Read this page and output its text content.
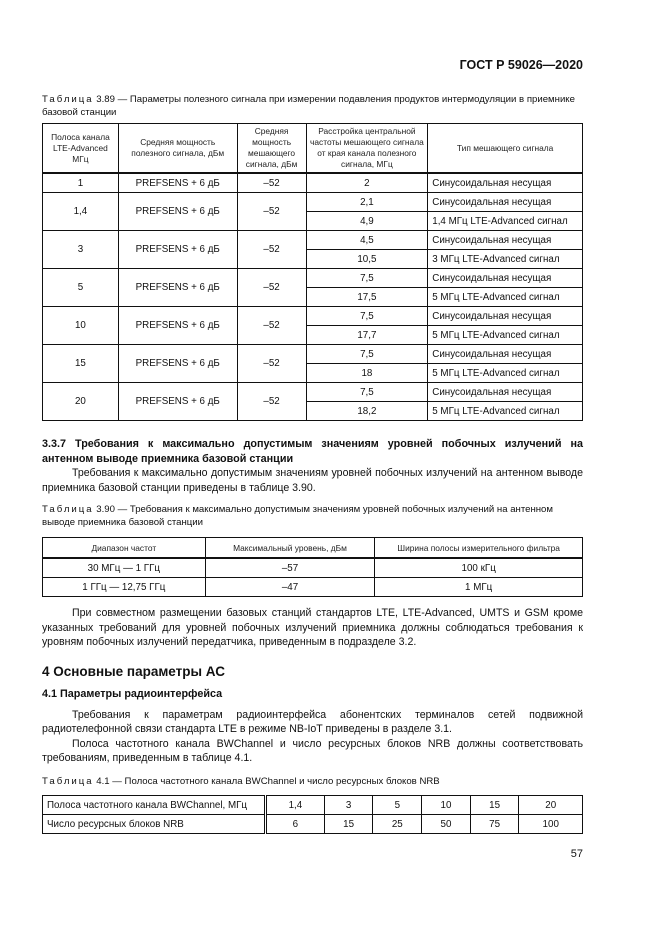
ГОСТ Р 59026—2020
Таблица 3.89 — Параметры полезного сигнала при измерении подавления продуктов интермодуляции в приемнике базовой станции
Полоса канала LTE-Advanced МГц	Средняя мощность полезного сигнала, дБм	Средняя мощность мешающего сигнала, дБм	Расстройка центральной частоты мешающего сигнала от края канала полезного сигнала, МГц	Тип мешающего сигнала
1	PREFSENS + 6 дБ	–52	2	Синусоидальная несущая
1,4	PREFSENS + 6 дБ	–52	2,1	Синусоидальная несущая
			4,9	1,4 МГц LTE-Advanced сигнал
3	PREFSENS + 6 дБ	–52	4,5	Синусоидальная несущая
			10,5	3 МГц LTE-Advanced сигнал
5	PREFSENS + 6 дБ	–52	7,5	Синусоидальная несущая
			17,5	5 МГц LTE-Advanced сигнал
10	PREFSENS + 6 дБ	–52	7,5	Синусоидальная несущая
			17,7	5 МГц LTE-Advanced сигнал
15	PREFSENS + 6 дБ	–52	7,5	Синусоидальная несущая
			18	5 МГц LTE-Advanced сигнал
20	PREFSENS + 6 дБ	–52	7,5	Синусоидальная несущая
			18,2	5 МГц LTE-Advanced сигнал
3.3.7 Требования к максимально допустимым значениям уровней побочных излучений на антенном выводе приемника базовой станции
Требования к максимально допустимым значениям уровней побочных излучений на антенном выводе приемника базовой станции приведены в таблице 3.90.
Таблица 3.90 — Требования к максимально допустимым значениям уровней побочных излучений на антенном выводе приемника базовой станции
Диапазон частот	Максимальный уровень, дБм	Ширина полосы измерительного фильтра
30 МГц — 1 ГГц	–57	100 кГц
1 ГГц — 12,75 ГГц	–47	1 МГц
При совместном размещении базовых станций стандартов LTE, LTE-Advanced, UMTS и GSM кроме указанных требований для уровней побочных излучений приемника должны соблюдаться требования к уровням побочных излучений передатчика, приведенным в подразделе 3.2.
4 Основные параметры АС
4.1 Параметры радиоинтерфейса
Требования к параметрам радиоинтерфейса абонентских терминалов сетей подвижной радиотелефонной связи стандарта LTE в режиме NB-IoT приведены в разделе 3.1.
Полоса частотного канала BWChannel и число ресурсных блоков NRB должны соответствовать требованиям, приведенным в таблице 4.1.
Таблица 4.1 — Полоса частотного канала BWChannel и число ресурсных блоков NRB
Полоса частотного канала BWChannel, МГц	1,4	3	5	10	15	20
Число ресурсных блоков NRB	6	15	25	50	75	100
57
